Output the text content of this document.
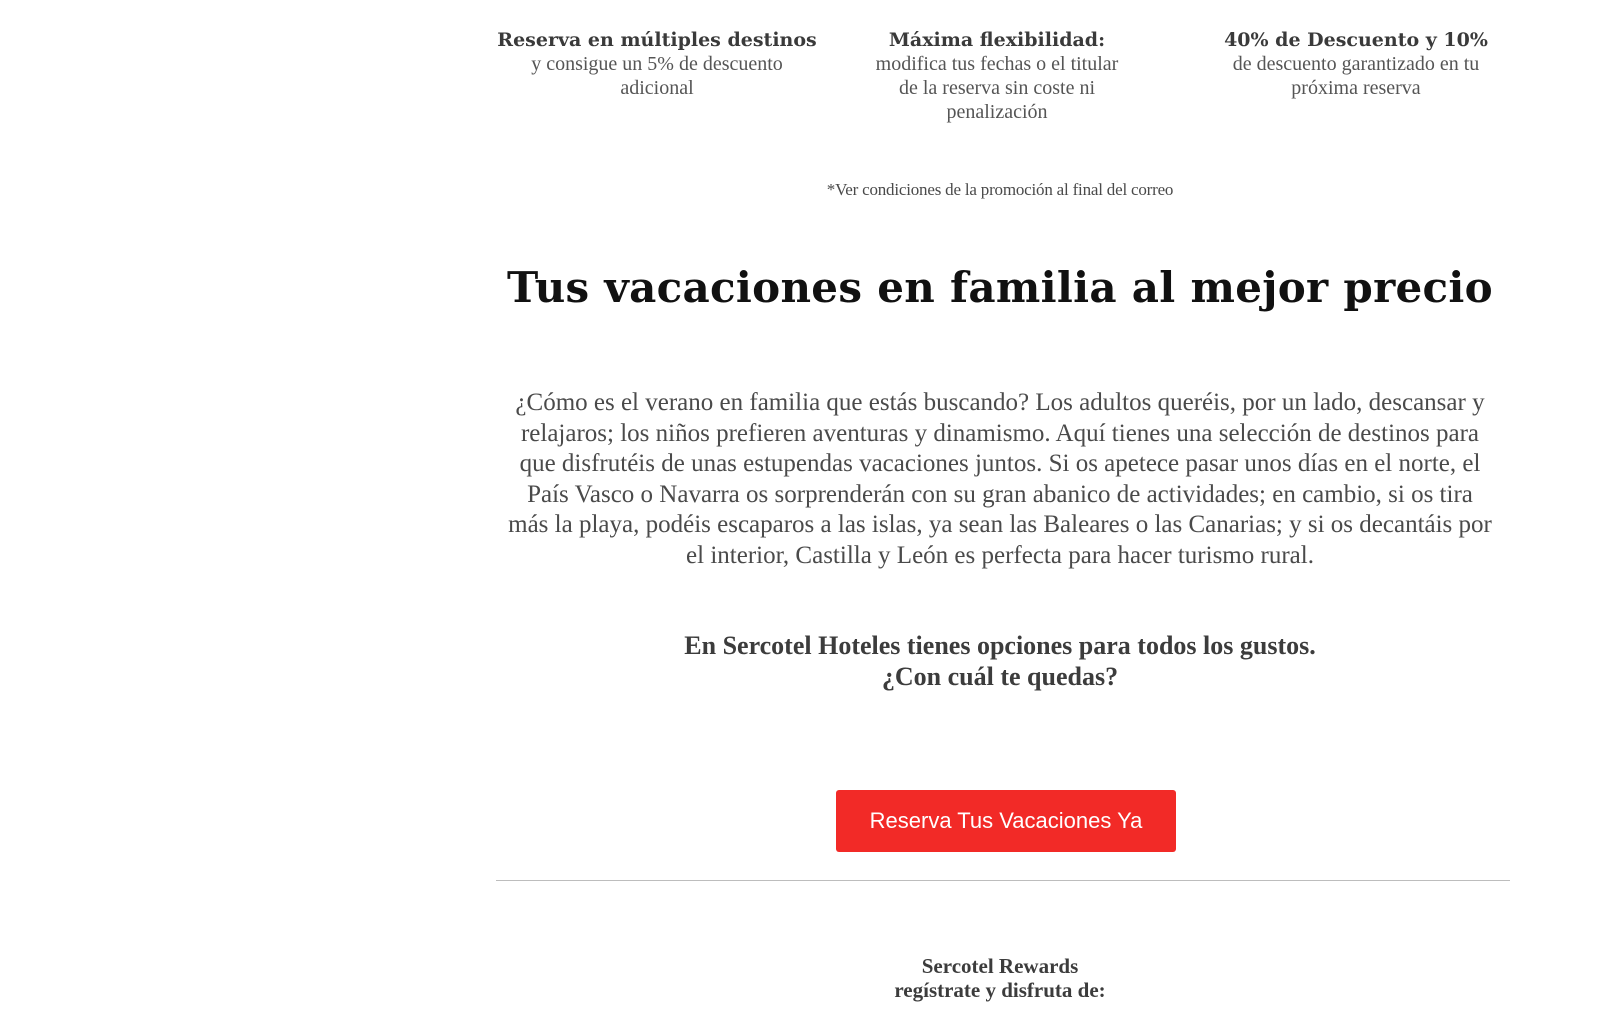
Reserva en múltiples destinos
y consigue un 5% de descuento
adicional
Máxima flexibilidad:
modifica tus fechas o el titular
de la reserva sin coste ni
penalización
40% de Descuento y 10%
de descuento garantizado en tu
próxima reserva
*Ver condiciones de la promoción al final del correo
Tus vacaciones en familia al mejor precio

¿Cómo es el verano en familia que estás buscando? Los adultos queréis, por un lado, descansar y relajaros; los niños prefieren aventuras y dinamismo. Aquí tienes una selección de destinos para que disfrutéis de unas estupendas vacaciones juntos. Si os apetece pasar unos días en el norte, el País Vasco o Navarra os sorprenderán con su gran abanico de actividades; en cambio, si os tira más la playa, podéis escaparos a las islas, ya sean las Baleares o las Canarias; y si os decantáis por el interior, Castilla y León es perfecta para hacer turismo rural.

En Sercotel Hoteles tienes opciones para todos los gustos.
¿Con cuál te quedas?
Reserva Tus Vacaciones Ya
Sercotel Rewards
regístrate y disfruta de:
